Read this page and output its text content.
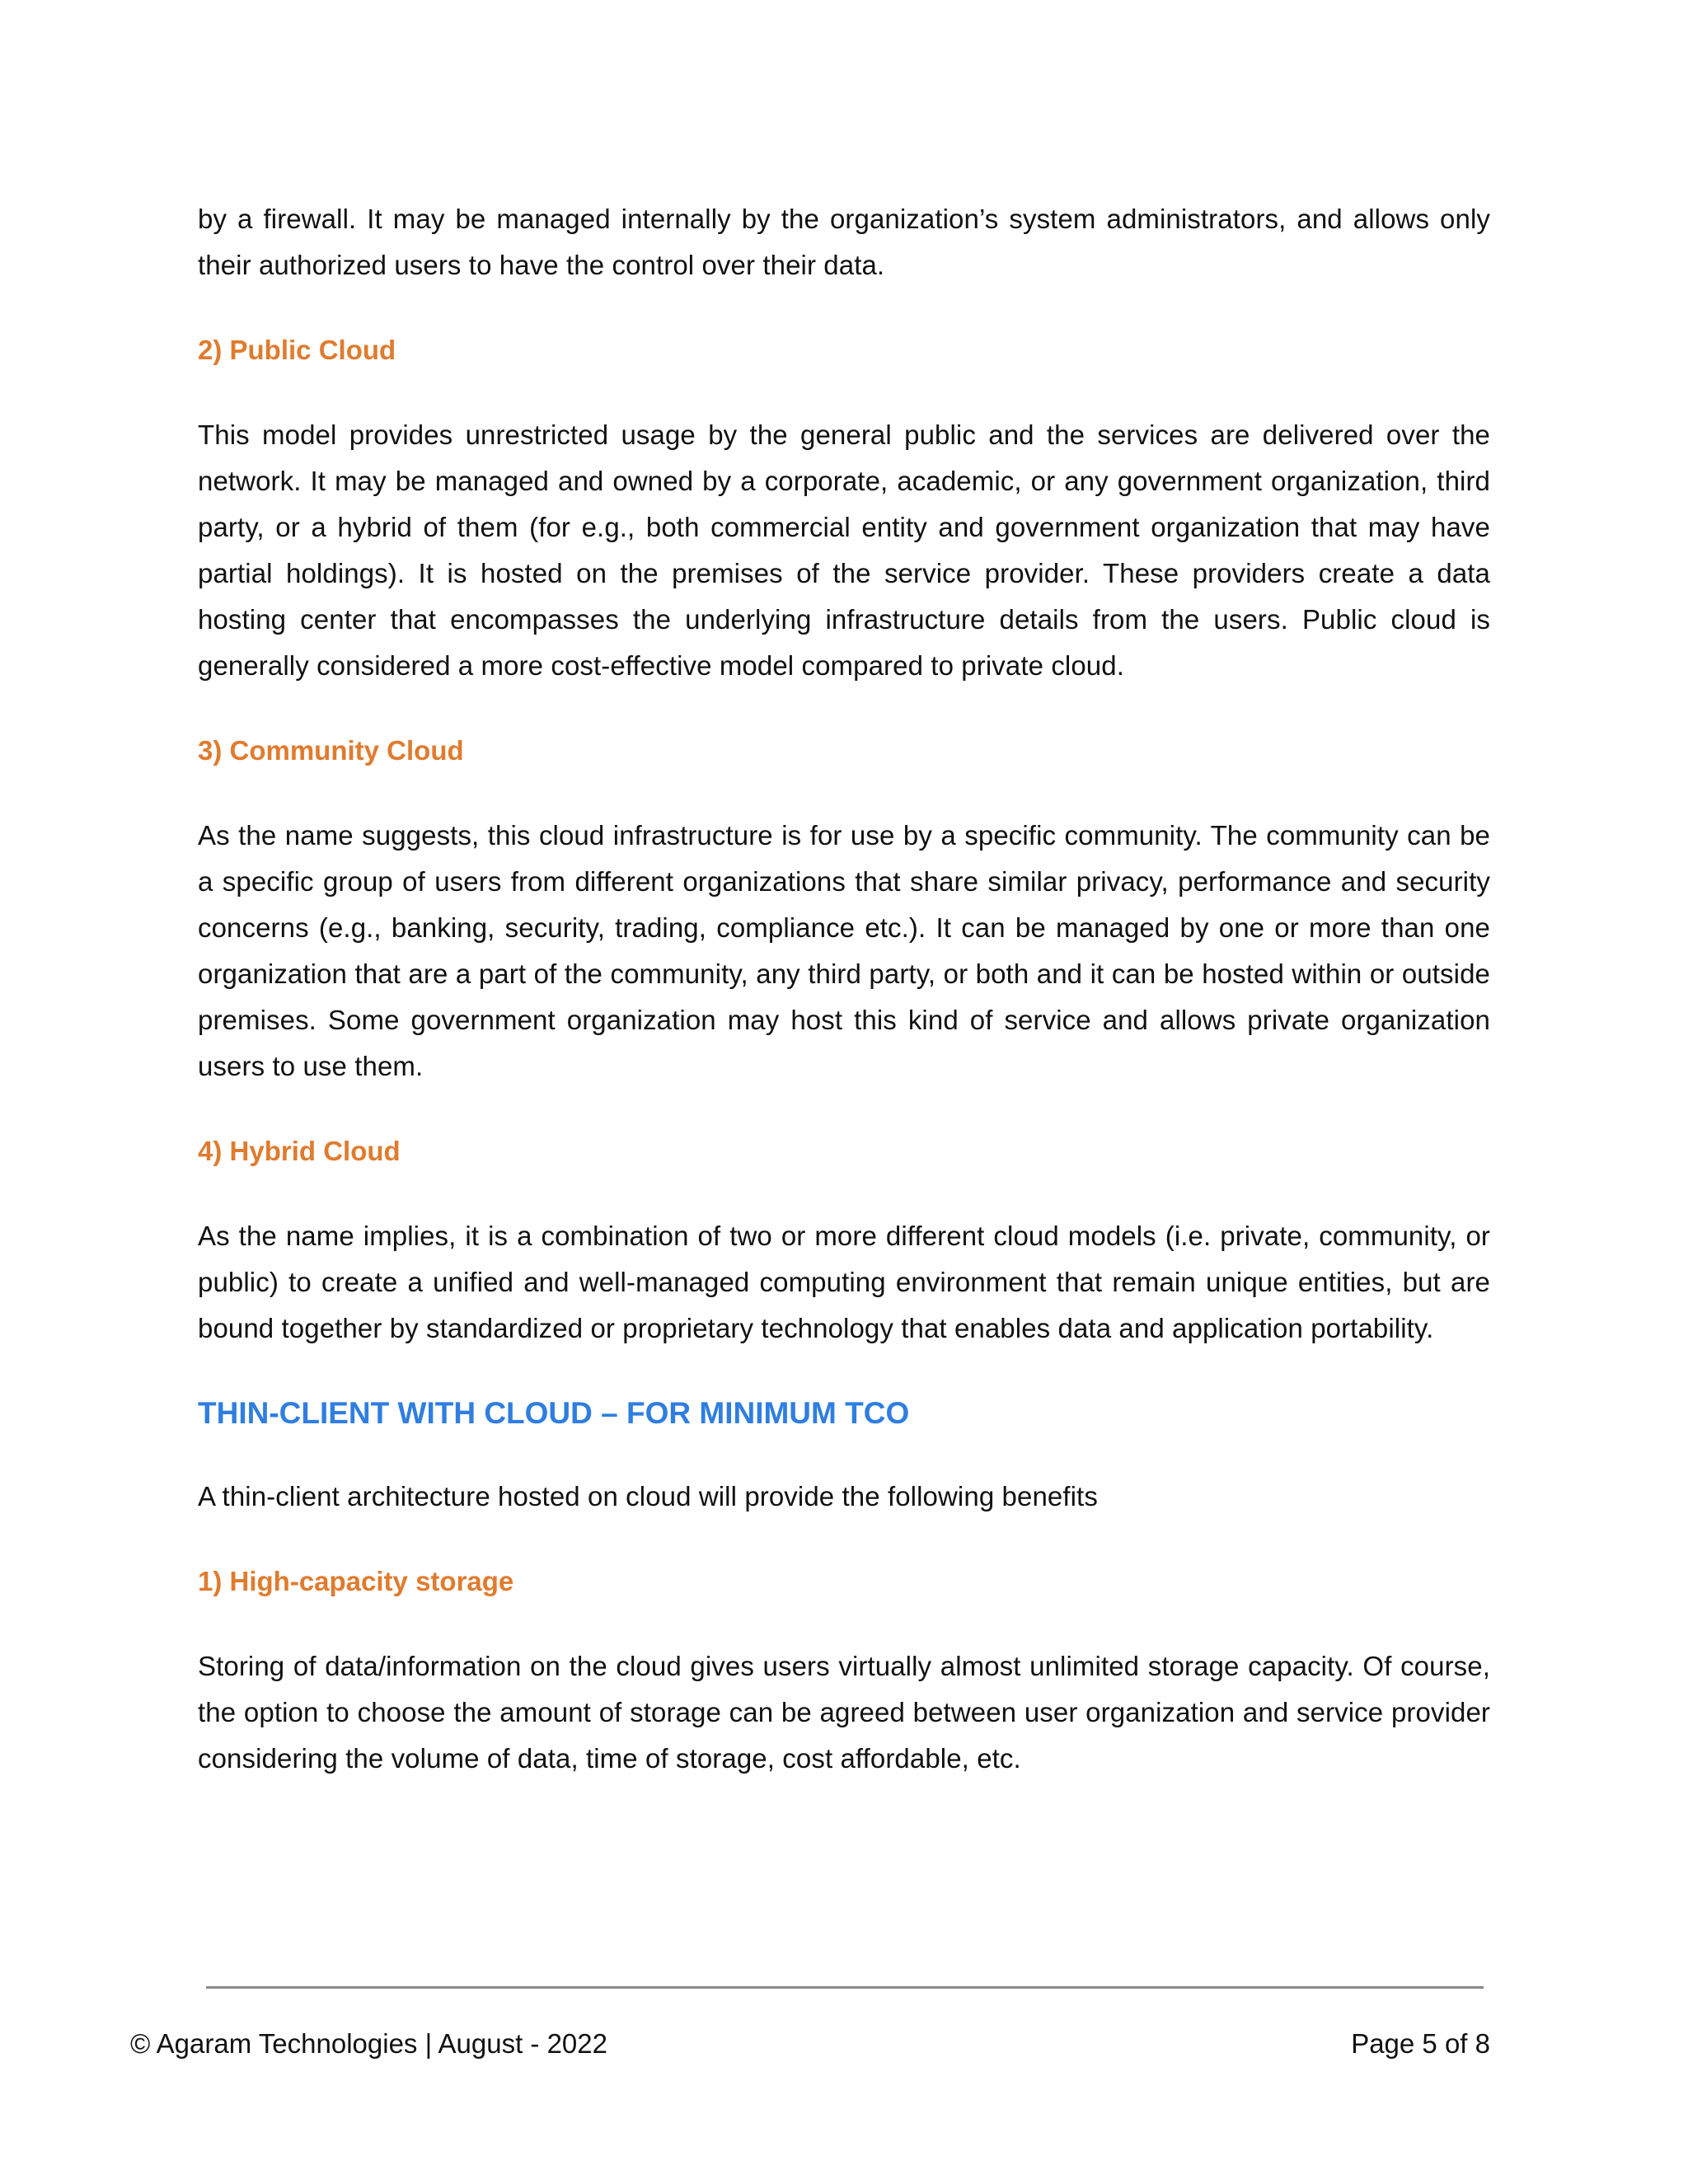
by a firewall. It may be managed internally by the organization’s system administrators, and allows only their authorized users to have the control over their data.

2) Public Cloud

This model provides unrestricted usage by the general public and the services are delivered over the network. It may be managed and owned by a corporate, academic, or any government organization, third party, or a hybrid of them (for e.g., both commercial entity and government organization that may have partial holdings). It is hosted on the premises of the service provider. These providers create a data hosting center that encompasses the underlying infrastructure details from the users. Public cloud is generally considered a more cost-effective model compared to private cloud.

3) Community Cloud

As the name suggests, this cloud infrastructure is for use by a specific community. The community can be a specific group of users from different organizations that share similar privacy, performance and security concerns (e.g., banking, security, trading, compliance etc.). It can be managed by one or more than one organization that are a part of the community, any third party, or both and it can be hosted within or outside premises. Some government organization may host this kind of service and allows private organization users to use them.

4) Hybrid Cloud

As the name implies, it is a combination of two or more different cloud models (i.e. private, community, or public) to create a unified and well-managed computing environment that remain unique entities, but are bound together by standardized or proprietary technology that enables data and application portability.

THIN-CLIENT WITH CLOUD – FOR MINIMUM TCO

A thin-client architecture hosted on cloud will provide the following benefits

1) High-capacity storage

Storing of data/information on the cloud gives users virtually almost unlimited storage capacity. Of course, the option to choose the amount of storage can be agreed between user organization and service provider considering the volume of data, time of storage, cost affordable, etc.

© Agaram Technologies | August - 2022	Page 5 of 8
